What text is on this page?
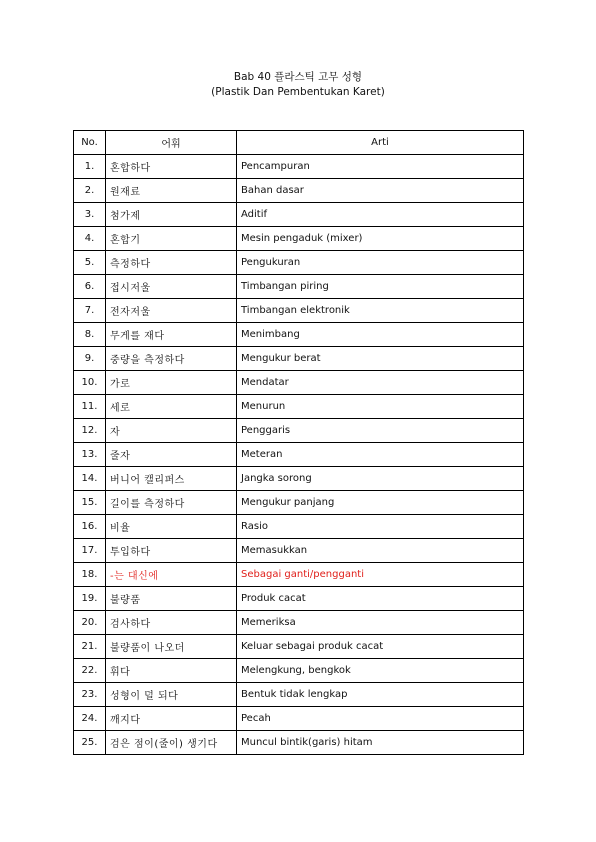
Bab 40 플라스틱 고무 성형
(Plastik Dan Pembentukan Karet)
No.	어휘	Arti
1.	혼합하다	Pencampuran
2.	원재료	Bahan dasar
3.	첨가제	Aditif
4.	혼합기	Mesin pengaduk (mixer)
5.	측정하다	Pengukuran
6.	접시저울	Timbangan piring
7.	전자저울	Timbangan elektronik
8.	무게를 재다	Menimbang
9.	중량을 측정하다	Mengukur berat
10.	가로	Mendatar
11.	세로	Menurun
12.	자	Penggaris
13.	줄자	Meteran
14.	버니어 캘리퍼스	Jangka sorong
15.	길이를 측정하다	Mengukur panjang
16.	비율	Rasio
17.	투입하다	Memasukkan
18.	-는 대신에	Sebagai ganti/pengganti
19.	불량품	Produk cacat
20.	검사하다	Memeriksa
21.	불량품이 나오더	Keluar sebagai produk cacat
22.	휘다	Melengkung, bengkok
23.	성형이 덜 되다	Bentuk tidak lengkap
24.	깨지다	Pecah
25.	검은 점이(줄이) 생기다	Muncul bintik(garis) hitam
